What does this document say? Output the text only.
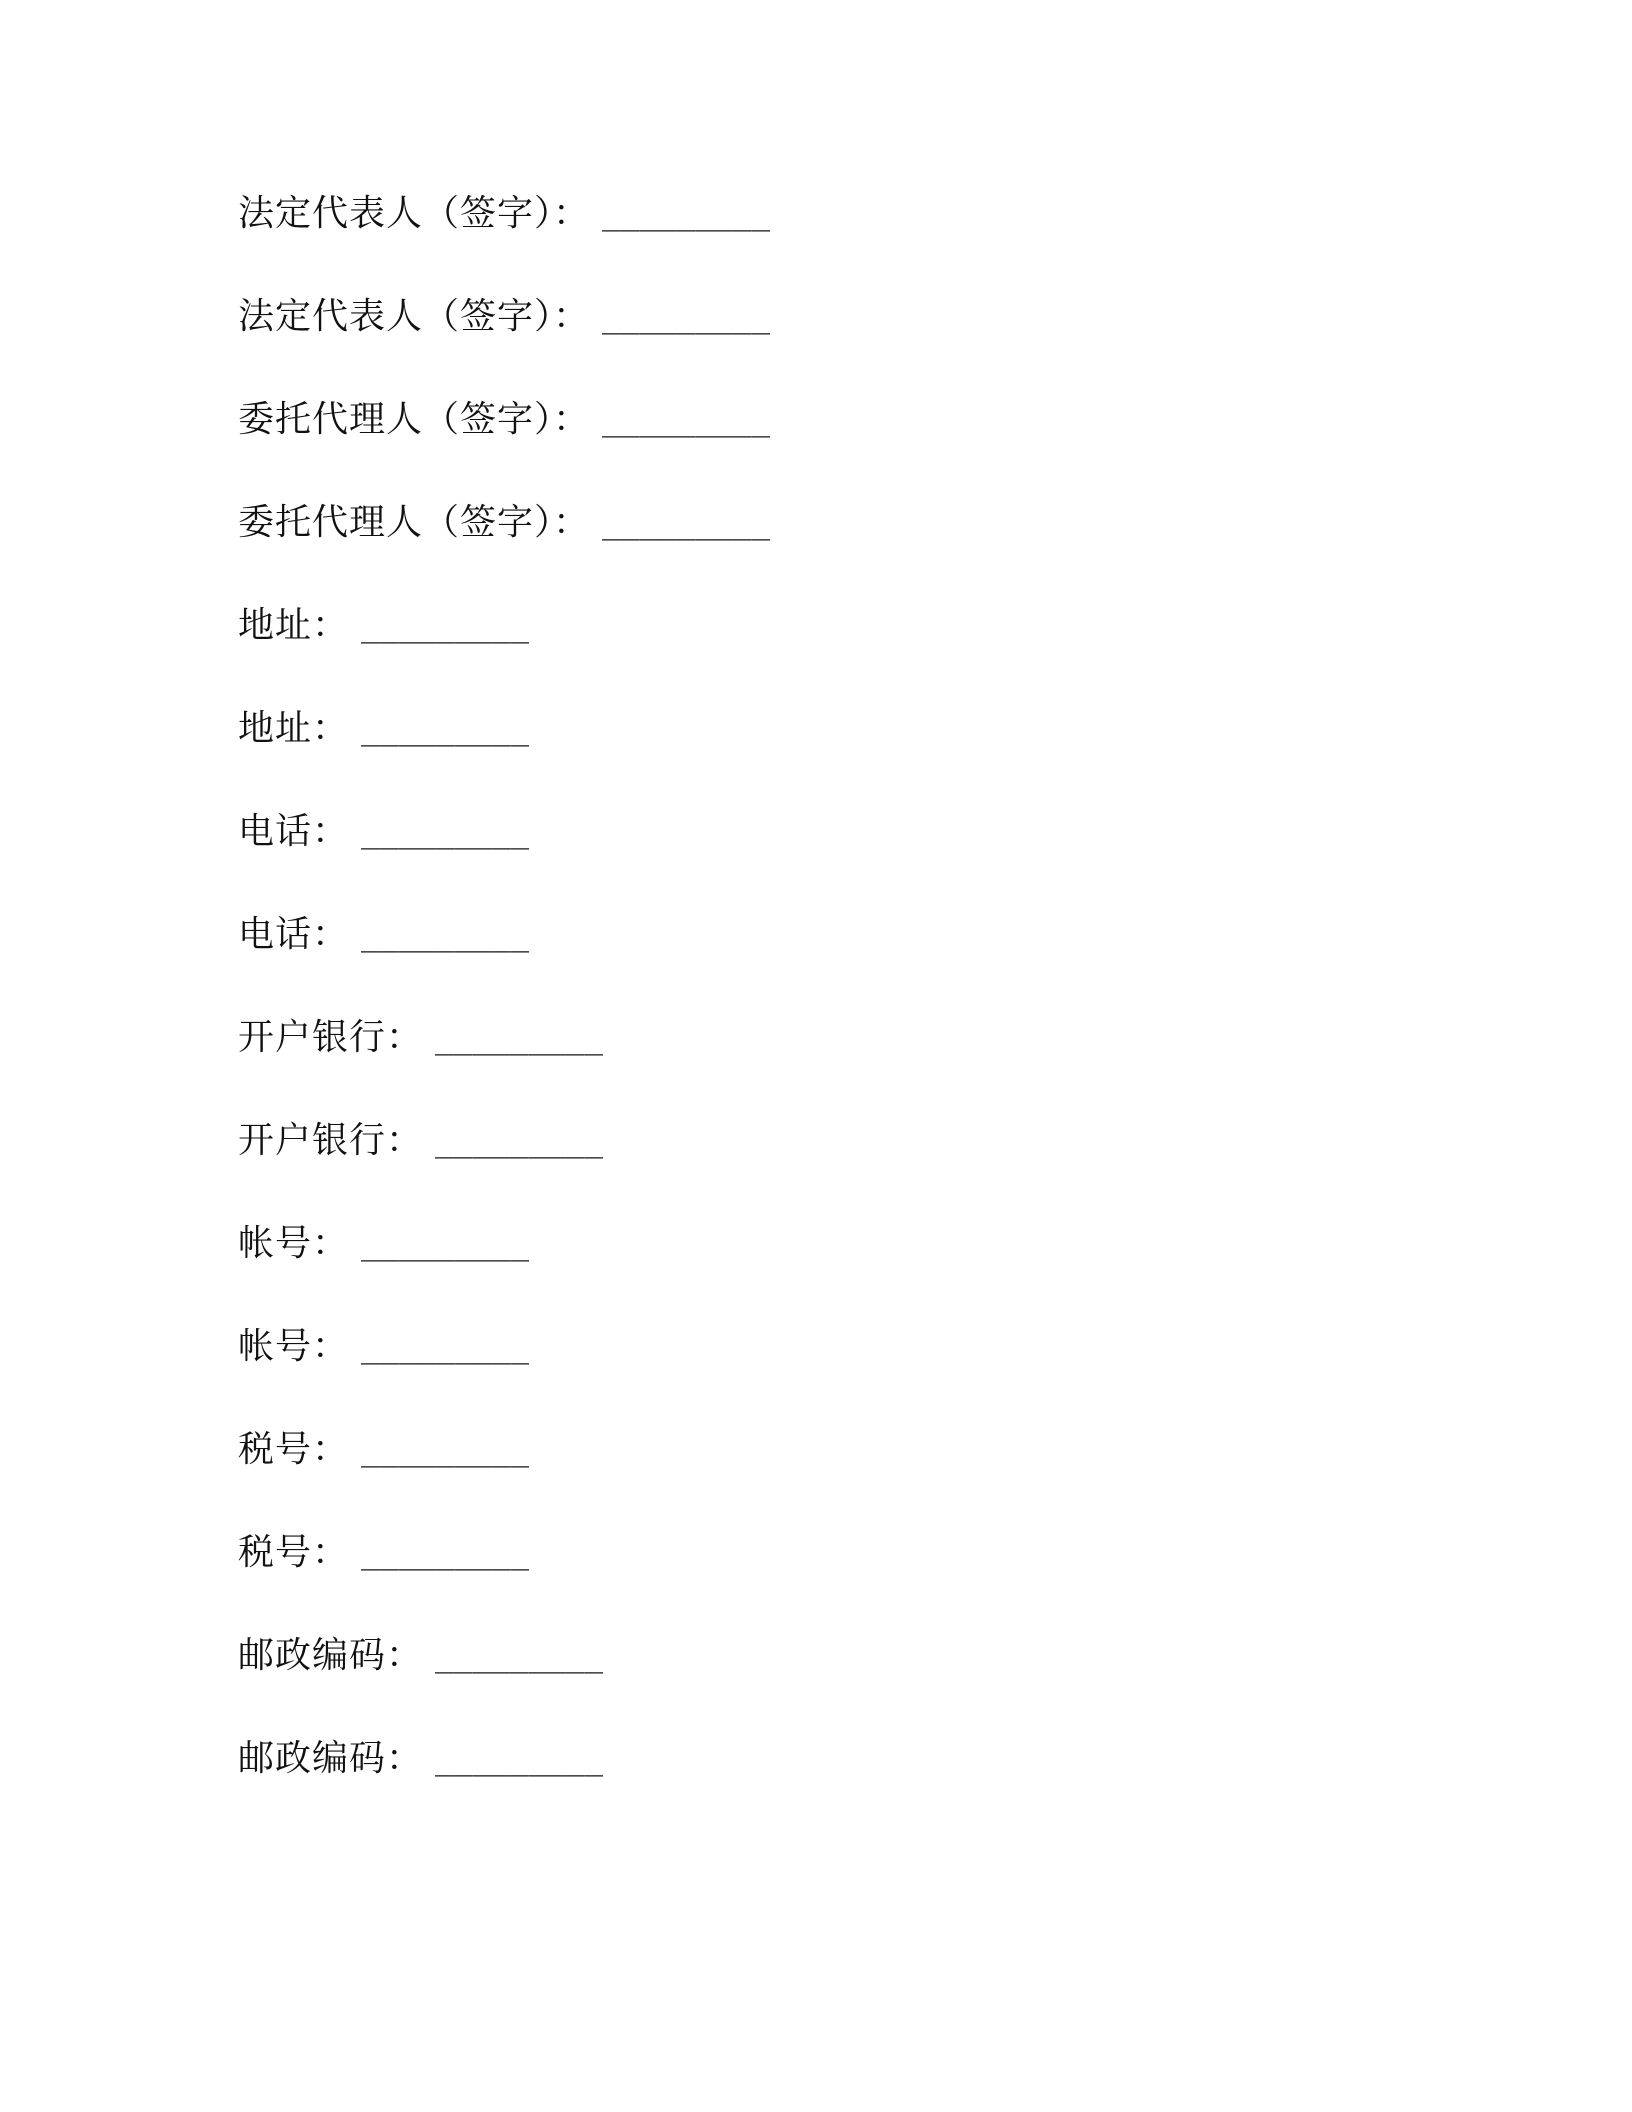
法定代表人（签字）： _________
法定代表人（签字）： _________
委托代理人（签字）： _________
委托代理人（签字）： _________
地址： _________
地址： _________
电话： _________
电话： _________
开户银行： _________
开户银行： _________
帐号： _________
帐号： _________
税号： _________
税号： _________
邮政编码： _________
邮政编码： _________
